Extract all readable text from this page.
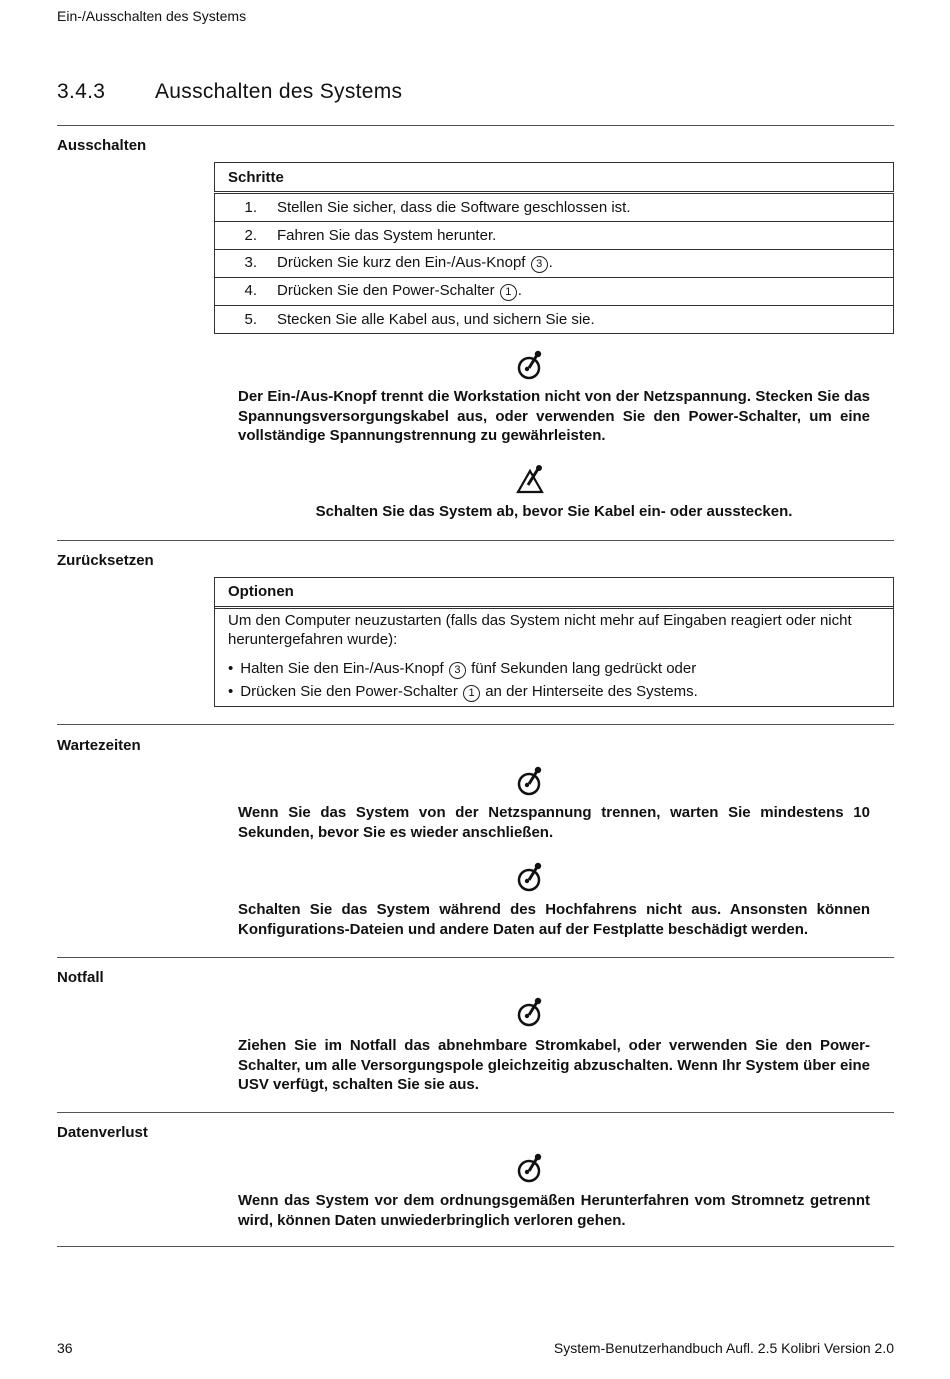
Ein-/Ausschalten des Systems
3.4.3 Ausschalten des Systems
Ausschalten
Schritte
1. Stellen Sie sicher, dass die Software geschlossen ist.
2. Fahren Sie das System herunter.
3. Drücken Sie kurz den Ein-/Aus-Knopf 3 .
4. Drücken Sie den Power-Schalter 1 .
5. Stecken Sie alle Kabel aus, und sichern Sie sie.
Der Ein-/Aus-Knopf trennt die Workstation nicht von der Netzspannung. Stecken Sie das Spannungsversorgungskabel aus, oder verwenden Sie den Power-Schalter, um eine vollständige Spannungstrennung zu gewährleisten.
Schalten Sie das System ab, bevor Sie Kabel ein- oder ausstecken.
Zurücksetzen
Optionen
Um den Computer neuzustarten (falls das System nicht mehr auf Eingaben reagiert oder nicht heruntergefahren wurde):
• Halten Sie den Ein-/Aus-Knopf 3 fünf Sekunden lang gedrückt oder
• Drücken Sie den Power-Schalter 1 an der Hinterseite des Systems.
Wartezeiten
Wenn Sie das System von der Netzspannung trennen, warten Sie mindestens 10 Sekunden, bevor Sie es wieder anschließen.
Schalten Sie das System während des Hochfahrens nicht aus. Ansonsten können Konfigurations-Dateien und andere Daten auf der Festplatte beschädigt werden.
Notfall
Ziehen Sie im Notfall das abnehmbare Stromkabel, oder verwenden Sie den Power-Schalter, um alle Versorgungspole gleichzeitig abzuschalten. Wenn Ihr System über eine USV verfügt, schalten Sie sie aus.
Datenverlust
Wenn das System vor dem ordnungsgemäßen Herunterfahren vom Stromnetz getrennt wird, können Daten unwiederbringlich verloren gehen.
36	System-Benutzerhandbuch Aufl. 2.5 Kolibri Version 2.0
